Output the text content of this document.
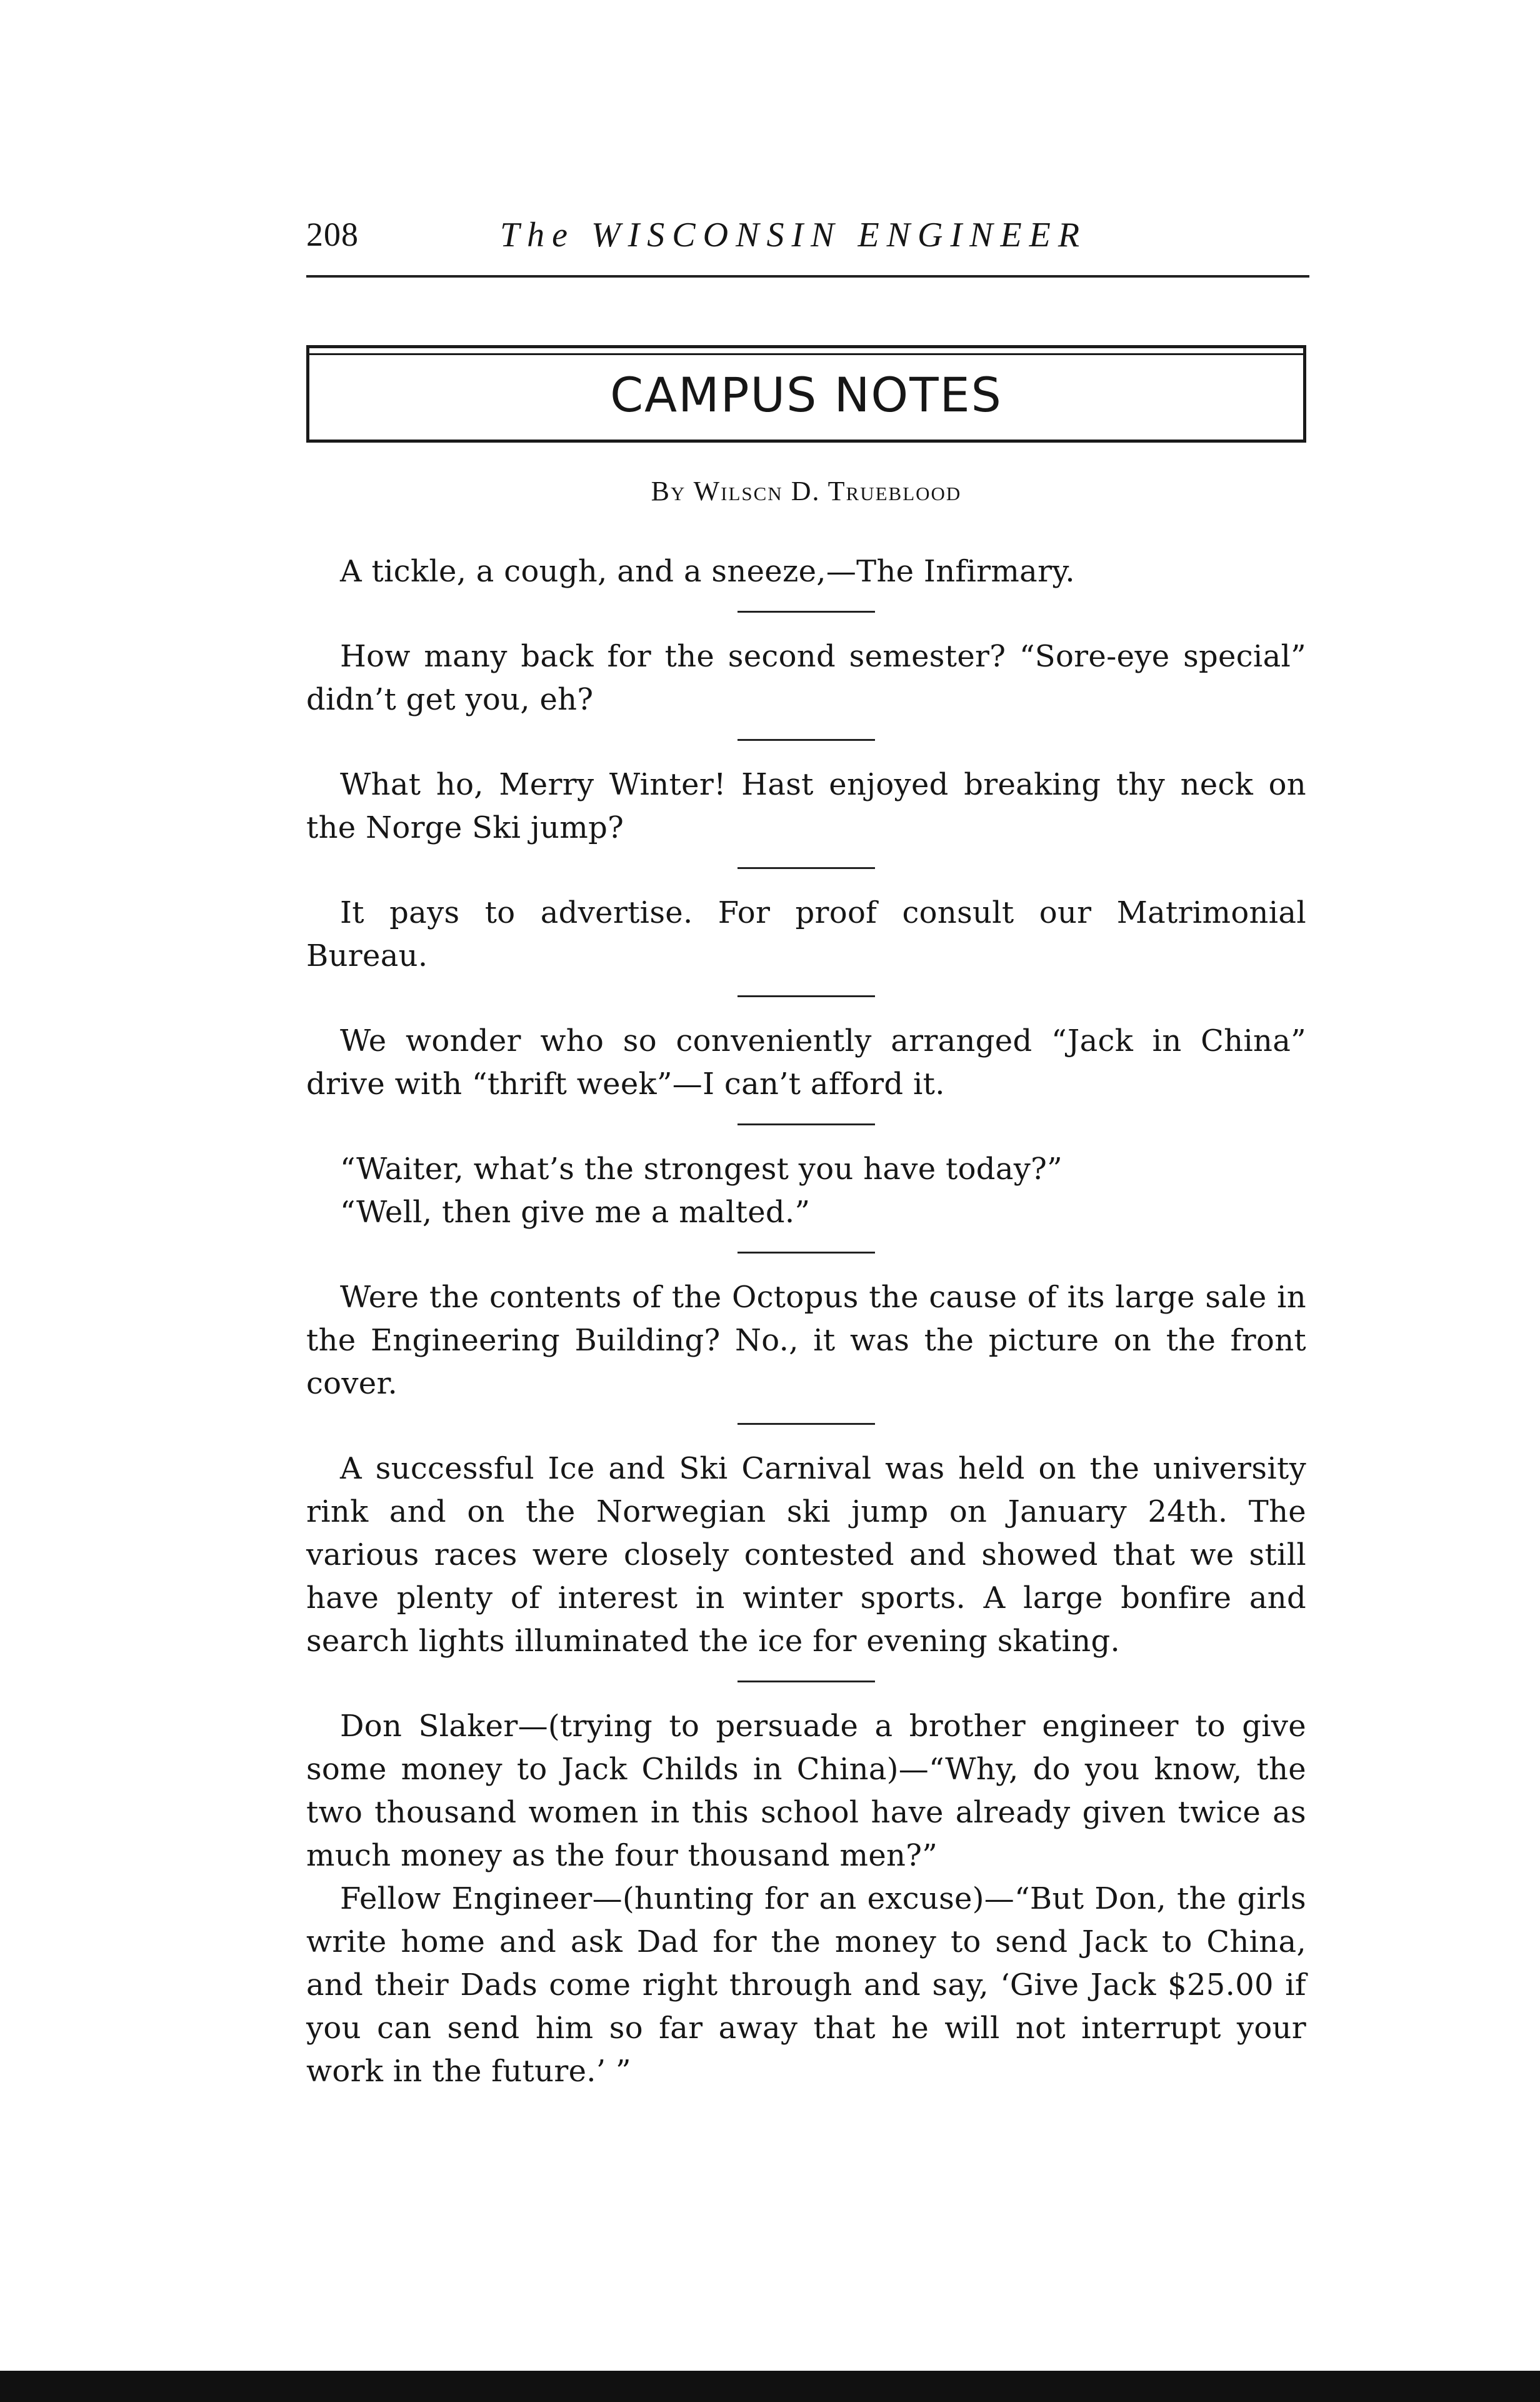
208	The WISCONSIN ENGINEER
CAMPUS NOTES
By Wilscn D. Trueblood

A tickle, a cough, and a sneeze,—The Infirmary.

How many back for the second semester? “Sore-eye special” didn’t get you, eh?

What ho, Merry Winter! Hast enjoyed breaking thy neck on the Norge Ski jump?

It pays to advertise. For proof consult our Matrimonial Bureau.

We wonder who so conveniently arranged “Jack in China” drive with “thrift week”—I can’t afford it.

“Waiter, what’s the strongest you have today?”

“Well, then give me a malted.”

Were the contents of the Octopus the cause of its large sale in the Engineering Building? No., it was the picture on the front cover.

A successful Ice and Ski Carnival was held on the university rink and on the Norwegian ski jump on January 24th. The various races were closely contested and showed that we still have plenty of interest in winter sports. A large bonfire and search lights illuminated the ice for evening skating.

Don Slaker—(trying to persuade a brother engineer to give some money to Jack Childs in China)—“Why, do you know, the two thousand women in this school have already given twice as much money as the four thousand men?”

Fellow Engineer—(hunting for an excuse)—“But Don, the girls write home and ask Dad for the money to send Jack to China, and their Dads come right through and say, ‘Give Jack $25.00 if you can send him so far away that he will not interrupt your work in the future.’ ”
